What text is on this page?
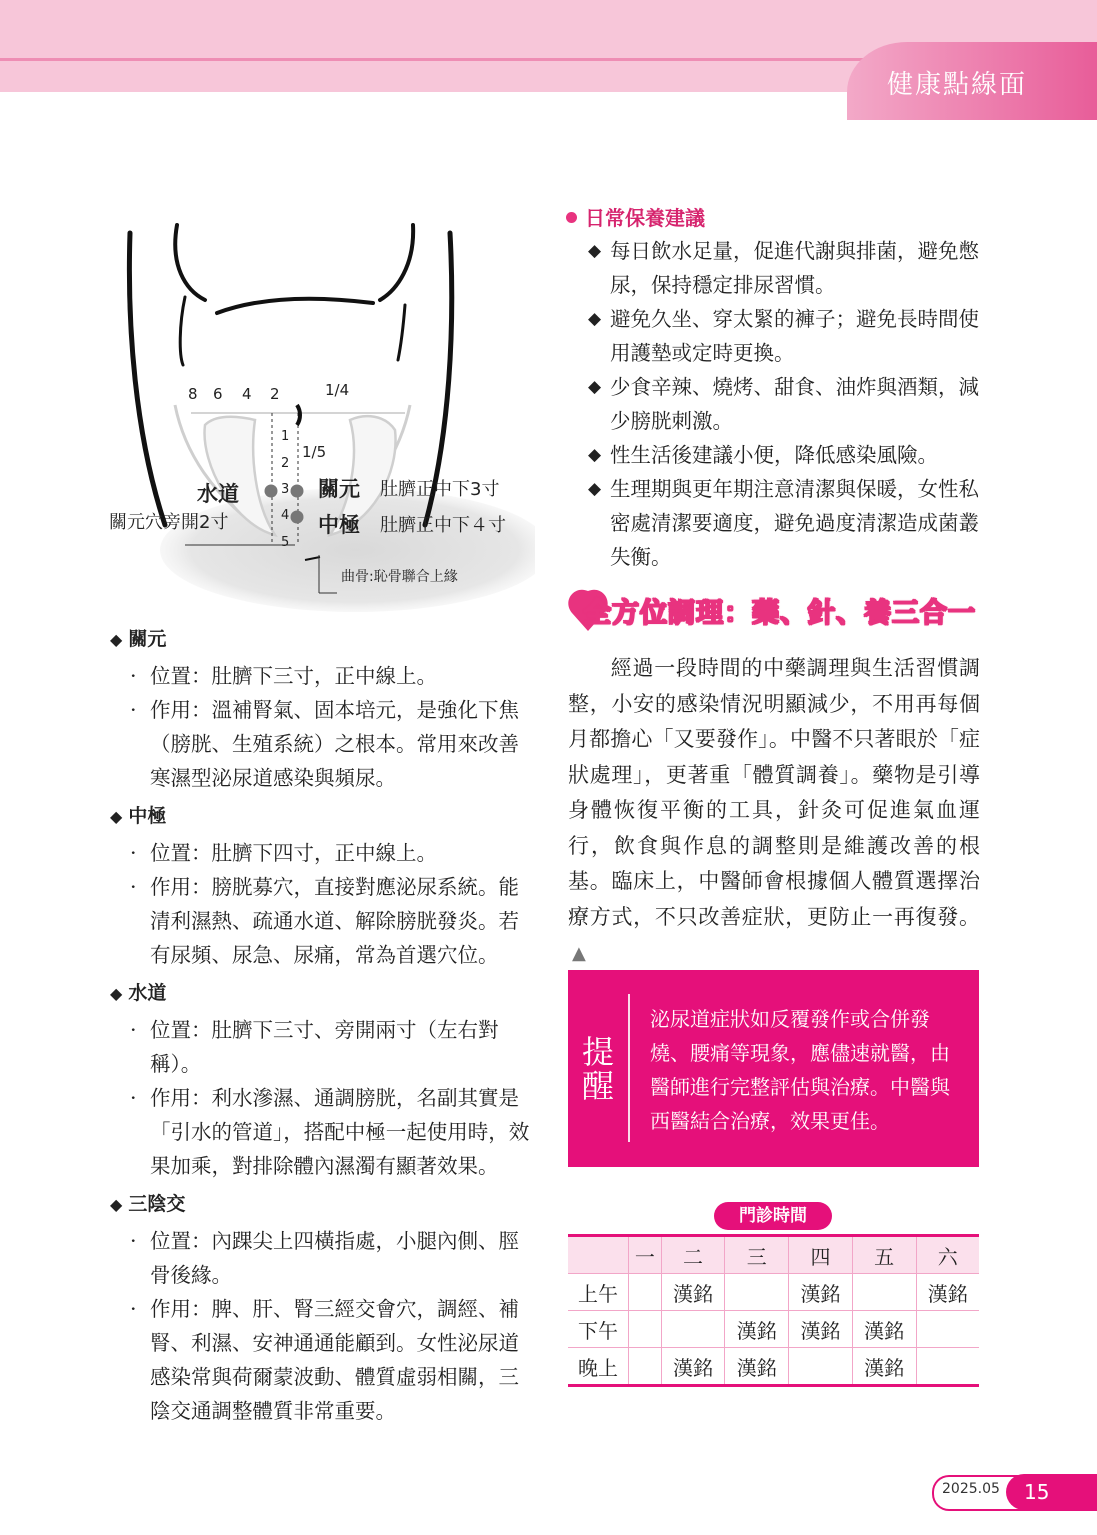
健康點線面
8 6 4 2	1/4
1
2
3
4
5
1/5
水道
關元穴旁開2寸
關元 肚臍正中下3寸
中極 肚臍正中下４寸
曲骨:恥骨聯合上緣
◆ 關元
· 位置：肚臍下三寸，正中線上。
· 作用：溫補腎氣、固本培元，是強化下焦（膀胱、生殖系統）之根本。常用來改善寒濕型泌尿道感染與頻尿。
◆ 中極
· 位置：肚臍下四寸，正中線上。
· 作用：膀胱募穴，直接對應泌尿系統。能清利濕熱、疏通水道、解除膀胱發炎。若有尿頻、尿急、尿痛，常為首選穴位。
◆ 水道
· 位置：肚臍下三寸、旁開兩寸（左右對稱）。
· 作用：利水滲濕、通調膀胱，名副其實是「引水的管道」，搭配中極一起使用時，效果加乘，對排除體內濕濁有顯著效果。
◆ 三陰交
· 位置：內踝尖上四橫指處，小腿內側、脛骨後緣。
· 作用：脾、肝、腎三經交會穴，調經、補腎、利濕、安神通通能顧到。女性泌尿道感染常與荷爾蒙波動、體質虛弱相關，三陰交通調整體質非常重要。
日常保養建議
◆ 每日飲水足量，促進代謝與排菌，避免憋尿，保持穩定排尿習慣。
◆ 避免久坐、穿太緊的褲子；避免長時間使用護墊或定時更換。
◆ 少食辛辣、燒烤、甜食、油炸與酒類，減少膀胱刺激。
◆ 性生活後建議小便，降低感染風險。
◆ 生理期與更年期注意清潔與保暖，女性私密處清潔要適度，避免過度清潔造成菌叢失衡。
全方位調理：藥、針、養三合一
經過一段時間的中藥調理與生活習慣調整，小安的感染情況明顯減少，不用再每個月都擔心「又要發作」。中醫不只著眼於「症狀處理」，更著重「體質調養」。藥物是引導身體恢復平衡的工具，針灸可促進氣血運行，飲食與作息的調整則是維護改善的根基。臨床上，中醫師會根據個人體質選擇治療方式，不只改善症狀，更防止一再復發。▲
提醒
泌尿道症狀如反覆發作或合併發燒、腰痛等現象，應儘速就醫，由醫師進行完整評估與治療。中醫與西醫結合治療，效果更佳。
門診時間
	一	二	三	四	五	六
上午		漢銘		漢銘		漢銘
下午			漢銘	漢銘	漢銘	
晚上		漢銘	漢銘		漢銘	
2025.05	15
